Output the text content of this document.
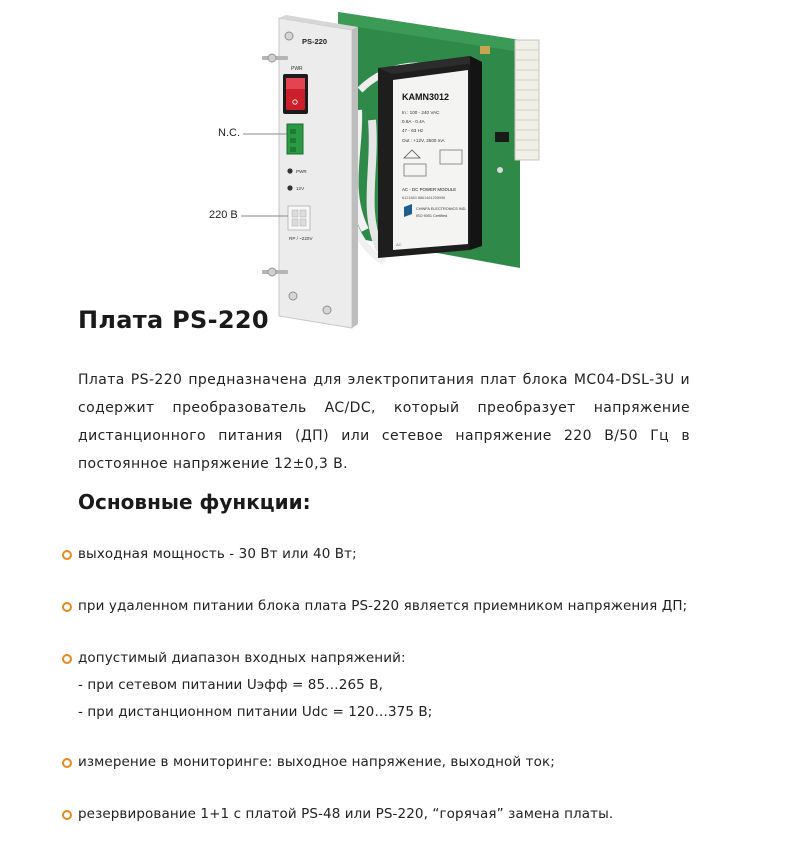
KAMN3012
In : 100 - 240 VAC
0.8A - 0.4A
47 - 63 Hz
Out : +12V, 2500 mA
AC - DC POWER MODULE
6121840 8861461205996
CHINFA ELECTRONICS IND.
ISO 9001 Certified
AC
PS-220
PWR
PWR
12V
RP / ~220V
N.C.
220 В
Плата PS-220

Плата PS-220 предназначена для электропитания плат блока МС04-DSL-3U и содержит преобразователь AC/DC, который преобразует напряжение дистанционного питания (ДП) или сетевое напряжение 220 В/50 Гц в постоянное напряжение 12±0,3 В.

Основные функции:
выходная мощность - 30 Вт или 40 Вт;
при удаленном питании блока плата PS-220 является приемником напряжения ДП;
допустимый диапазон входных напряжений:
- при сетевом питании Uэфф = 85…265 В,
- при дистанционном питании Udc = 120…375 В;
измерение в мониторинге: выходное напряжение, выходной ток;
резервирование 1+1 с платой PS-48 или PS-220, “горячая” замена платы.
